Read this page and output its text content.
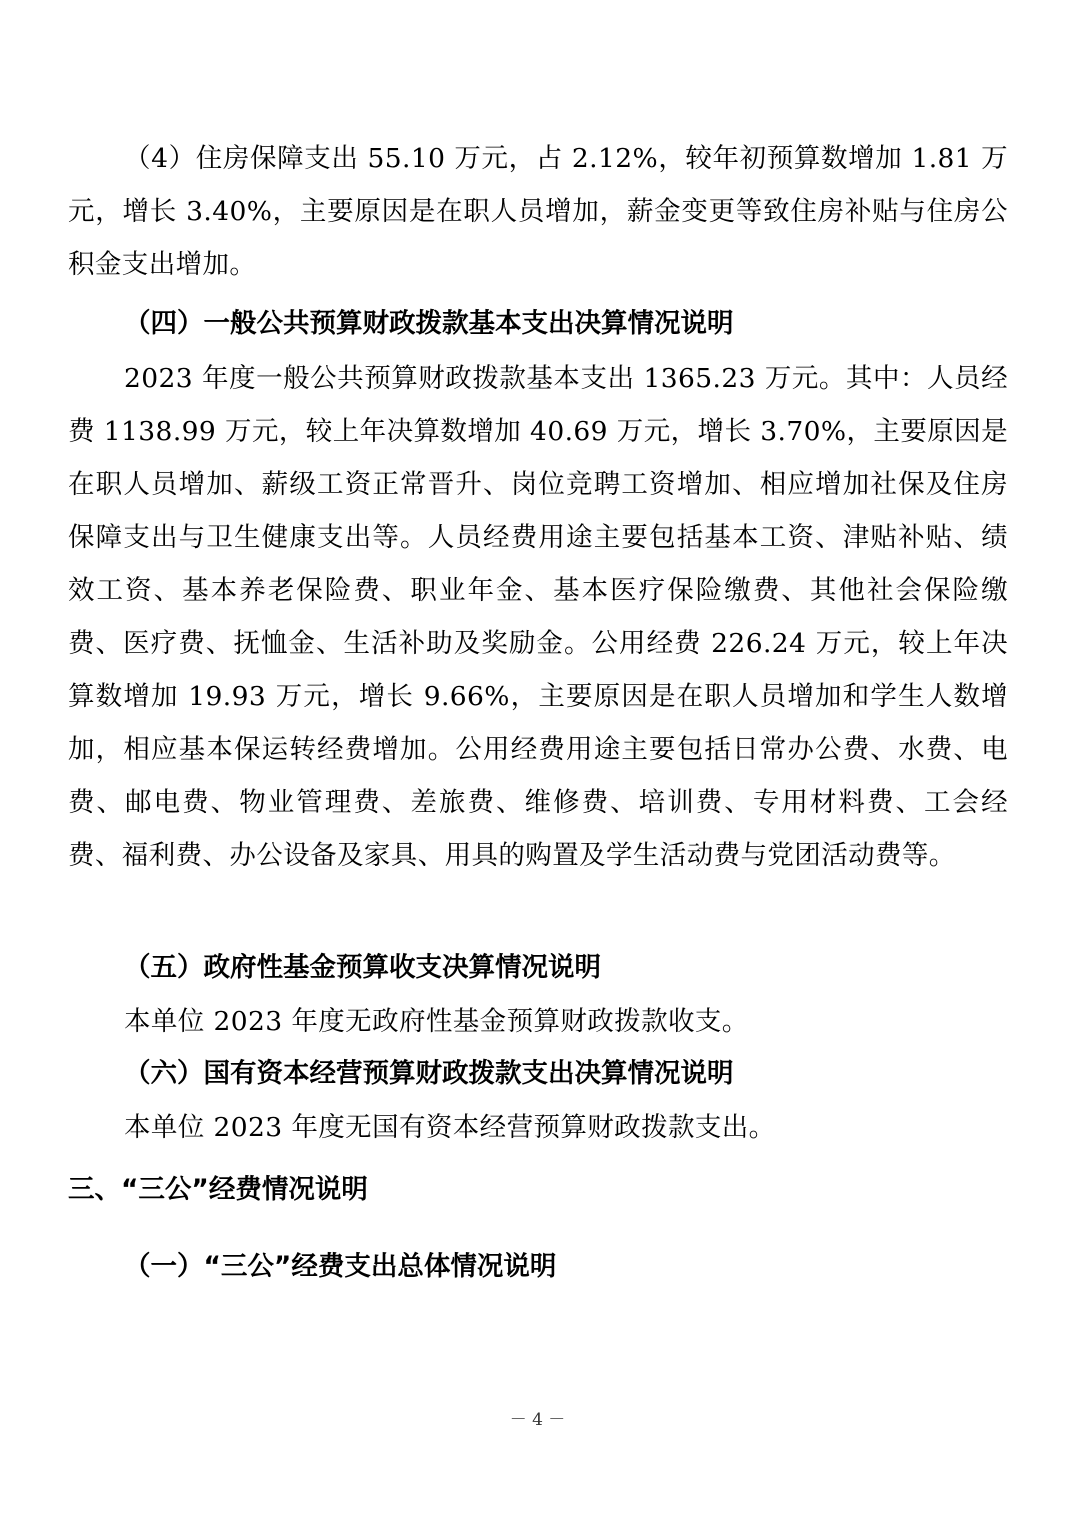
（4）住房保障支出 55.10 万元，占 2.12%，较年初预算数增加 1.81 万元，增长 3.40%，主要原因是在职人员增加，薪金变更等致住房补贴与住房公积金支出增加。

（四）一般公共预算财政拨款基本支出决算情况说明

2023 年度一般公共预算财政拨款基本支出 1365.23 万元。其中：人员经费 1138.99 万元，较上年决算数增加 40.69 万元，增长 3.70%，主要原因是在职人员增加、薪级工资正常晋升、岗位竞聘工资增加、相应增加社保及住房保障支出与卫生健康支出等。人员经费用途主要包括基本工资、津贴补贴、绩效工资、基本养老保险费、职业年金、基本医疗保险缴费、其他社会保险缴费、医疗费、抚恤金、生活补助及奖励金。公用经费 226.24 万元，较上年决算数增加 19.93 万元，增长 9.66%，主要原因是在职人员增加和学生人数增加，相应基本保运转经费增加。公用经费用途主要包括日常办公费、水费、电费、邮电费、物业管理费、差旅费、维修费、培训费、专用材料费、工会经费、福利费、办公设备及家具、用具的购置及学生活动费与党团活动费等。

（五）政府性基金预算收支决算情况说明

本单位 2023 年度无政府性基金预算财政拨款收支。

（六）国有资本经营预算财政拨款支出决算情况说明

本单位 2023 年度无国有资本经营预算财政拨款支出。

三、“三公”经费情况说明
（一）“三公”经费支出总体情况说明
－ 4 －
